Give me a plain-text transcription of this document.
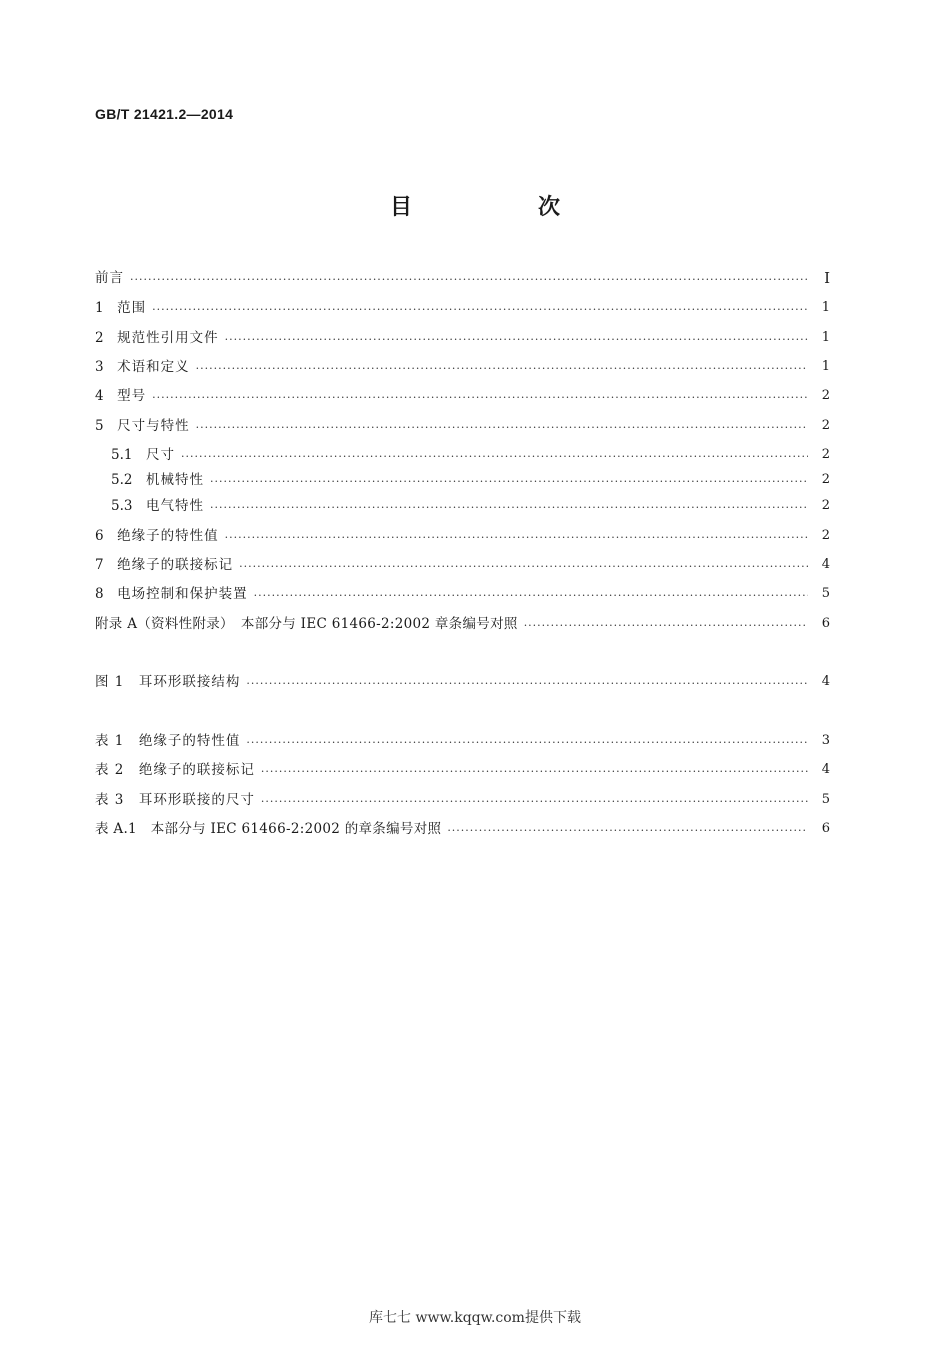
GB/T 21421.2—2014
目　次
前言 ·····	I
1　 范围 ·····	1
2　 规范性引用文件 ·····	1
3　 术语和定义 ·····	1
4　 型号 ·····	2
5　 尺寸与特性 ·····	2
5.1　 尺寸 ·····	2
5.2　 机械特性 ·····	2
5.3　 电气特性 ·····	2
6　 绝缘子的特性值 ·····	2
7　 绝缘子的联接标记 ·····	4
8　 电场控制和保护装置 ·····	5
附录 A（资料性附录）　本部分与 IEC 61466-2:2002 章条编号对照 ·····	6
图 1　耳环形联接结构 ·····	4
表 1　绝缘子的特性值 ·····	3
表 2　绝缘子的联接标记 ·····	4
表 3　耳环形联接的尺寸 ·····	5
表 A.1　本部分与 IEC 61466-2:2002 的章条编号对照 ·····	6
库七七 www.kqqw.com提供下载
